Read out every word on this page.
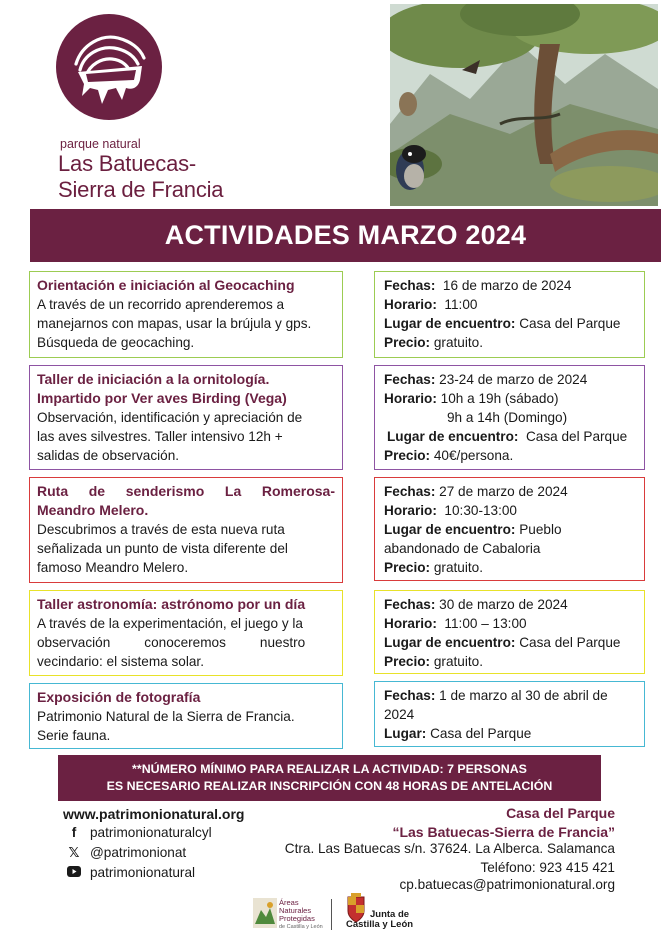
parque natural
Las Batuecas-
Sierra de Francia
ACTIVIDADES MARZO 2024
Orientación e iniciación al Geocaching
A través de un recorrido aprenderemos a
manejarnos con mapas, usar la brújula y gps.
Búsqueda de geocaching.
Fechas:  16 de marzo de 2024
Horario:  11:00
Lugar de encuentro: Casa del Parque
Precio: gratuito.
Taller de iniciación a la ornitología.
Impartido por Ver aves Birding (Vega)
Observación, identificación y apreciación de
las aves silvestres. Taller intensivo 12h +
salidas de observación.
Fechas: 23-24 de marzo de 2024
Horario: 10h a 19h (sábado)
9h a 14h (Domingo)
Lugar de encuentro:  Casa del Parque
Precio: 40€/persona.
Ruta de senderismo La Romerosa-
Meandro Melero.
Descubrimos a través de esta nueva ruta
señalizada un punto de vista diferente del
famoso Meandro Melero.
Fechas: 27 de marzo de 2024
Horario:  10:30-13:00
Lugar de encuentro: Pueblo
abandonado de Cabaloria
Precio: gratuito.
Taller astronomía: astrónomo por un día
A través de la experimentación, el juego y la
observación         conoceremos         nuestro
vecindario: el sistema solar.
Fechas: 30 de marzo de 2024
Horario:  11:00 – 13:00
Lugar de encuentro: Casa del Parque
Precio: gratuito.
Exposición de fotografía
Patrimonio Natural de la Sierra de Francia.
Serie fauna.
Fechas: 1 de marzo al 30 de abril de
2024
Lugar: Casa del Parque
**NÚMERO MÍNIMO PARA REALIZAR LA ACTIVIDAD: 7 PERSONAS
ES NECESARIO REALIZAR INSCRIPCIÓN CON 48 HORAS DE ANTELACIÓN
www.patrimonionatural.org
f patrimonionaturalcyl
𝕏 @patrimonionat
patrimonionatural
Casa del Parque
“Las Batuecas-Sierra de Francia”
Ctra. Las Batuecas s/n. 37624. La Alberca. Salamanca
Teléfono: 923 415 421
cp.batuecas@patrimonionatural.org
Áreas
Naturales
Protegidas
de Castilla y León
Junta de
Castilla y León
